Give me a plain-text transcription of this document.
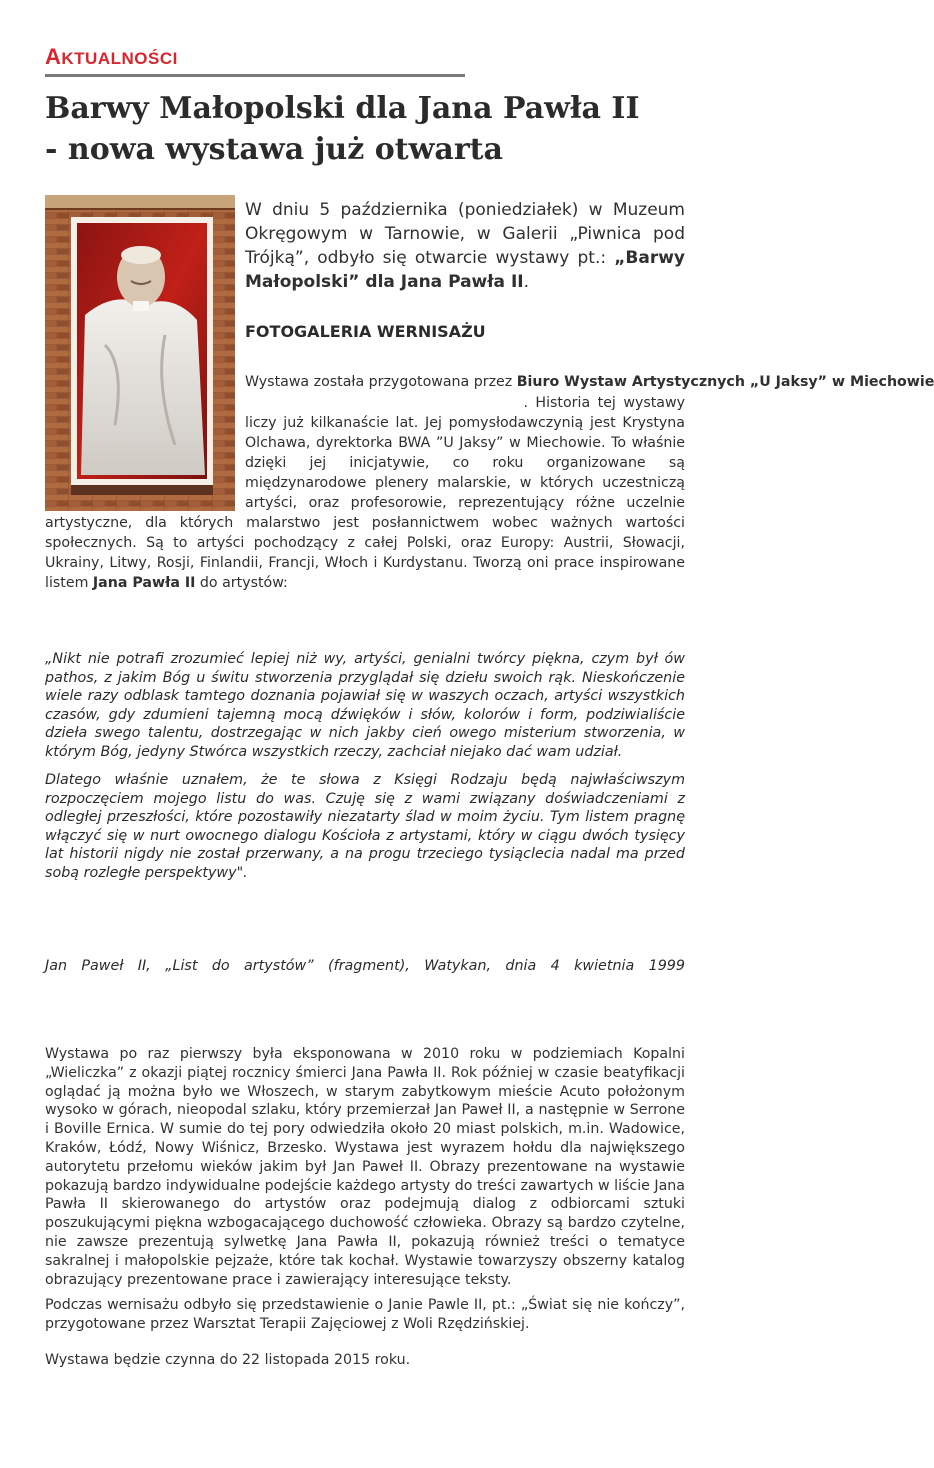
AKTUALNOŚCI
Barwy Małopolski dla Jana Pawła II
- nowa wystawa już otwarta

W dniu 5 października (poniedziałek) w Muzeum Okręgowym w Tarnowie, w Galerii „Piwnica pod Trójką”, odbyło się otwarcie wystawy pt.: „Barwy Małopolski” dla Jana Pawła II.

FOTOGALERIA WERNISAŻU

Wystawa została przygotowana przez Biuro Wystaw Artystycznych „U Jaksy” w Miechowie

. Historia tej wystawy liczy już kilkanaście lat. Jej pomysłodawczynią jest Krystyna Olchawa, dyrektorka BWA ”U Jaksy” w Miechowie. To właśnie dzięki jej inicjatywie, co roku organizowane są międzynarodowe plenery malarskie, w których uczestniczą artyści, oraz profesorowie, reprezentujący różne uczelnie artystyczne, dla których malarstwo jest posłannictwem wobec ważnych wartości społecznych. Są to artyści pochodzący z całej Polski, oraz Europy: Austrii, Słowacji, Ukrainy, Litwy, Rosji, Finlandii, Francji, Włoch i Kurdystanu. Tworzą oni prace inspirowane listem Jana Pawła II do artystów:

„Nikt nie potrafi zrozumieć lepiej niż wy, artyści, genialni twórcy piękna, czym był ów pathos, z jakim Bóg u świtu stworzenia przyglądał się dziełu swoich rąk. Nieskończenie wiele razy odblask tamtego doznania pojawiał się w waszych oczach, artyści wszystkich czasów, gdy zdumieni tajemną mocą dźwięków i słów, kolorów i form, podziwialiście dzieła swego talentu, dostrzegając w nich jakby cień owego misterium stworzenia, w którym Bóg, jedyny Stwórca wszystkich rzeczy, zachciał niejako dać wam udział.

Dlatego właśnie uznałem, że te słowa z Księgi Rodzaju będą najwłaściwszym rozpoczęciem mojego listu do was. Czuję się z wami związany doświadczeniami z odległej przeszłości, które pozostawiły niezatarty ślad w moim życiu. Tym listem pragnę włączyć się w nurt owocnego dialogu Kościoła z artystami, który w ciągu dwóch tysięcy lat historii nigdy nie został przerwany, a na progu trzeciego tysiąclecia nadal ma przed sobą rozległe perspektywy".

Jan Paweł II, „List do artystów” (fragment), Watykan, dnia 4 kwietnia 1999

Wystawa po raz pierwszy była eksponowana w 2010 roku w podziemiach Kopalni „Wieliczka” z okazji piątej rocznicy śmierci Jana Pawła II. Rok później w czasie beatyfikacji oglądać ją można było we Włoszech, w starym zabytkowym mieście Acuto położonym wysoko w górach, nieopodal szlaku, który przemierzał Jan Paweł II, a następnie w Serrone i Boville Ernica. W sumie do tej pory odwiedziła około 20 miast polskich, m.in. Wadowice, Kraków, Łódź, Nowy Wiśnicz, Brzesko. Wystawa jest wyrazem hołdu dla największego autorytetu przełomu wieków jakim był Jan Paweł II. Obrazy prezentowane na wystawie pokazują bardzo indywidualne podejście każdego artysty do treści zawartych w liście Jana Pawła II skierowanego do artystów oraz podejmują dialog z odbiorcami sztuki poszukującymi piękna wzbogacającego duchowość człowieka. Obrazy są bardzo czytelne, nie zawsze prezentują sylwetkę Jana Pawła II, pokazują również treści o tematyce sakralnej i małopolskie pejzaże, które tak kochał. Wystawie towarzyszy obszerny katalog obrazujący prezentowane prace i zawierający interesujące teksty.

Podczas wernisażu odbyło się przedstawienie o Janie Pawle II, pt.: „Świat się nie kończy”, przygotowane przez Warsztat Terapii Zajęciowej z Woli Rzędzińskiej.

Wystawa będzie czynna do 22 listopada 2015 roku.
